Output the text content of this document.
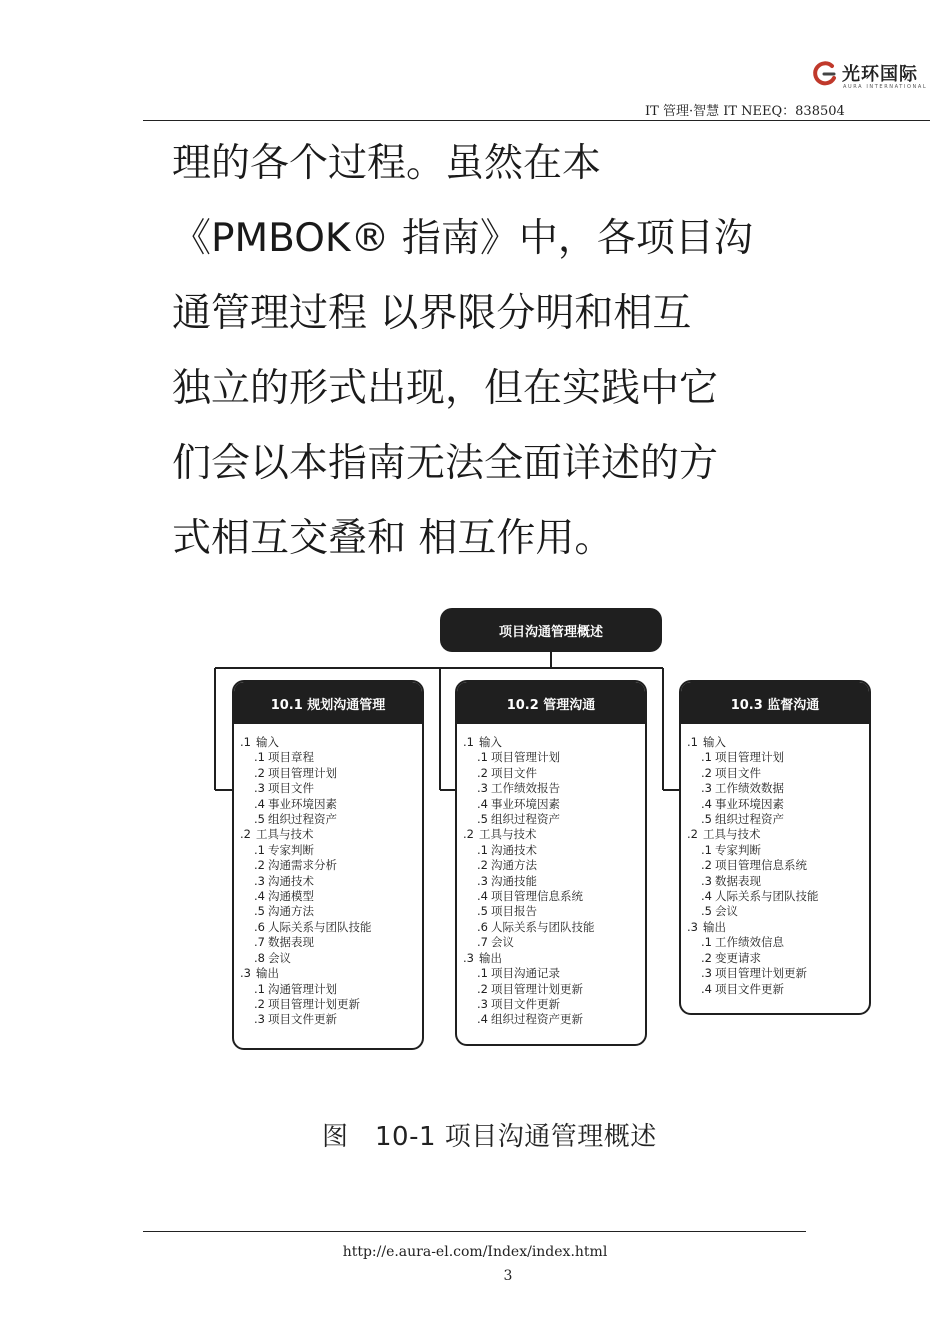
光环国际
AURA INTERNATIONAL
IT 管理·智慧 IT NEEQ：838504

理的各个过程。虽然在本
《PMBOK® 指南》中，各项目沟
通管理过程 以界限分明和相互
独立的形式出现，但在实践中它
们会以本指南无法全面详述的方
式相互交叠和 相互作用。

项目沟通管理概述
10.1 规划沟通管理
.1 输入
.1 项目章程
.2 项目管理计划
.3 项目文件
.4 事业环境因素
.5 组织过程资产
.2 工具与技术
.1 专家判断
.2 沟通需求分析
.3 沟通技术
.4 沟通模型
.5 沟通方法
.6 人际关系与团队技能
.7 数据表现
.8 会议
.3 输出
.1 沟通管理计划
.2 项目管理计划更新
.3 项目文件更新
10.2 管理沟通
.1 输入
.1 项目管理计划
.2 项目文件
.3 工作绩效报告
.4 事业环境因素
.5 组织过程资产
.2 工具与技术
.1 沟通技术
.2 沟通方法
.3 沟通技能
.4 项目管理信息系统
.5 项目报告
.6 人际关系与团队技能
.7 会议
.3 输出
.1 项目沟通记录
.2 项目管理计划更新
.3 项目文件更新
.4 组织过程资产更新
10.3 监督沟通
.1 输入
.1 项目管理计划
.2 项目文件
.3 工作绩效数据
.4 事业环境因素
.5 组织过程资产
.2 工具与技术
.1 专家判断
.2 项目管理信息系统
.3 数据表现
.4 人际关系与团队技能
.5 会议
.3 输出
.1 工作绩效信息
.2 变更请求
.3 项目管理计划更新
.4 项目文件更新
图　10-1 项目沟通管理概述
http://e.aura-el.com/Index/index.html
3
